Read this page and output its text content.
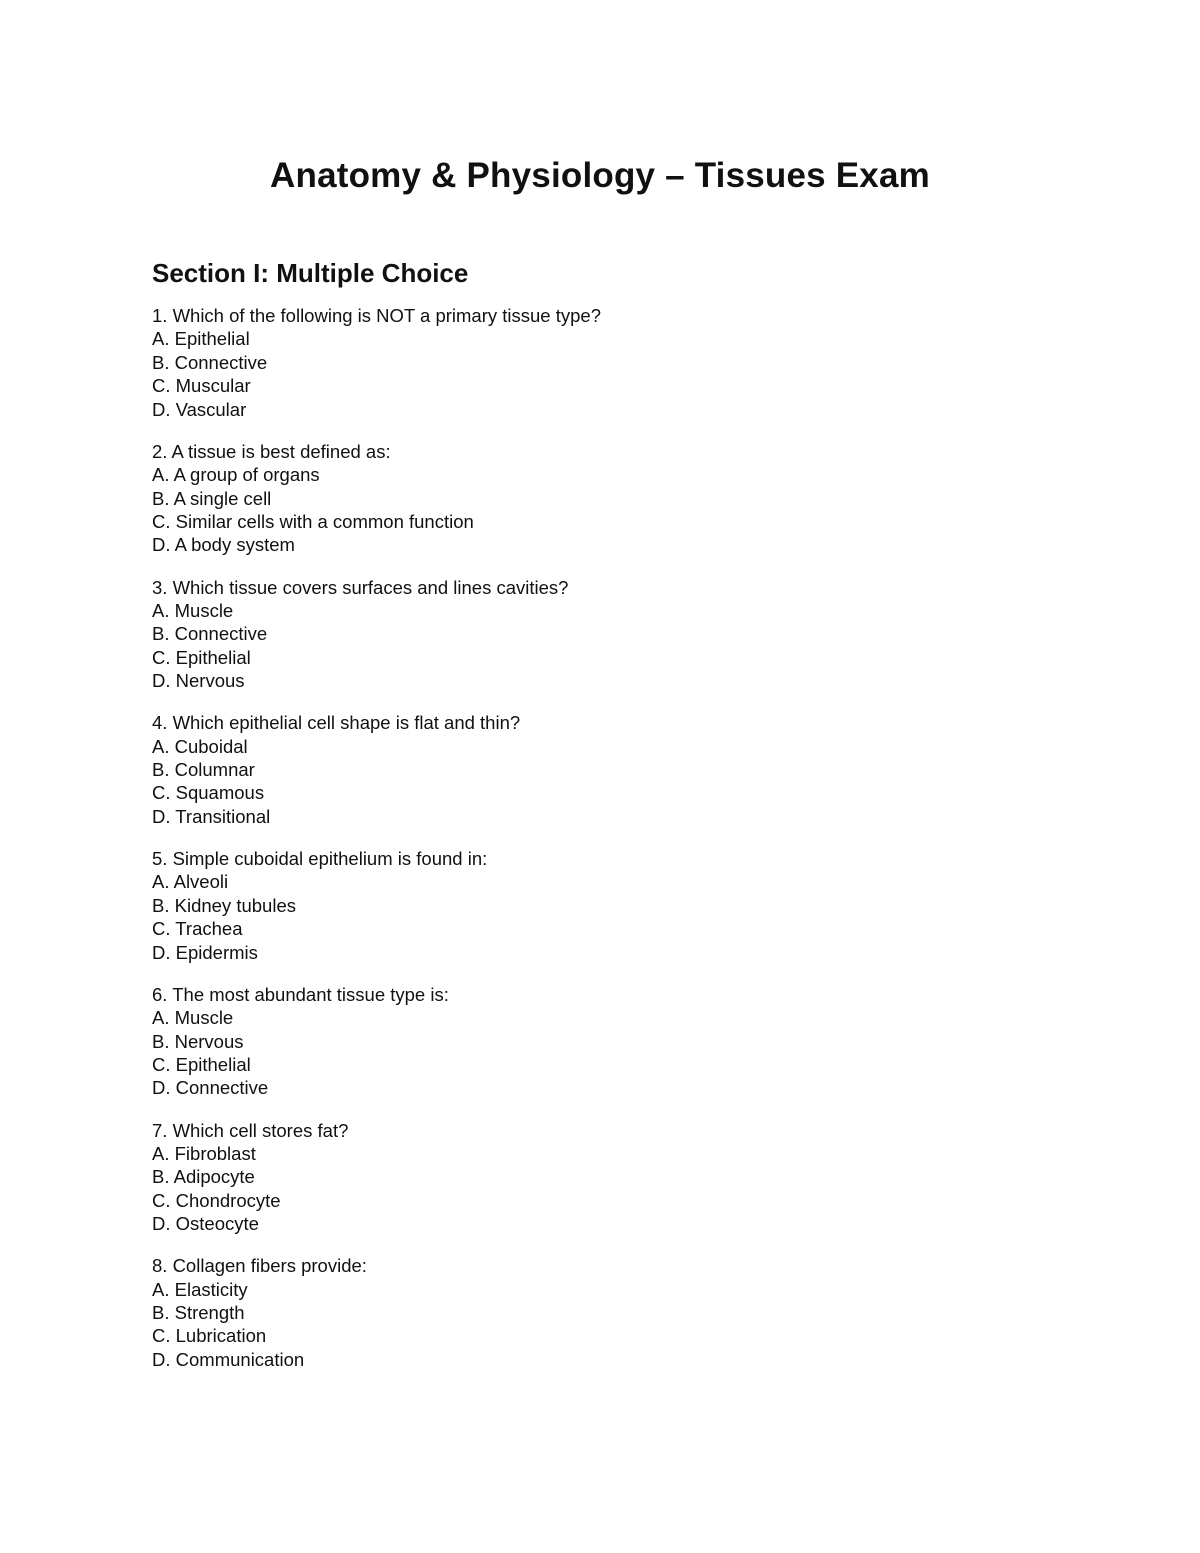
Anatomy & Physiology – Tissues Exam
Section I: Multiple Choice
1. Which of the following is NOT a primary tissue type?
A. Epithelial
B. Connective
C. Muscular
D. Vascular
2. A tissue is best defined as:
A. A group of organs
B. A single cell
C. Similar cells with a common function
D. A body system
3. Which tissue covers surfaces and lines cavities?
A. Muscle
B. Connective
C. Epithelial
D. Nervous
4. Which epithelial cell shape is flat and thin?
A. Cuboidal
B. Columnar
C. Squamous
D. Transitional
5. Simple cuboidal epithelium is found in:
A. Alveoli
B. Kidney tubules
C. Trachea
D. Epidermis
6. The most abundant tissue type is:
A. Muscle
B. Nervous
C. Epithelial
D. Connective
7. Which cell stores fat?
A. Fibroblast
B. Adipocyte
C. Chondrocyte
D. Osteocyte
8. Collagen fibers provide:
A. Elasticity
B. Strength
C. Lubrication
D. Communication
